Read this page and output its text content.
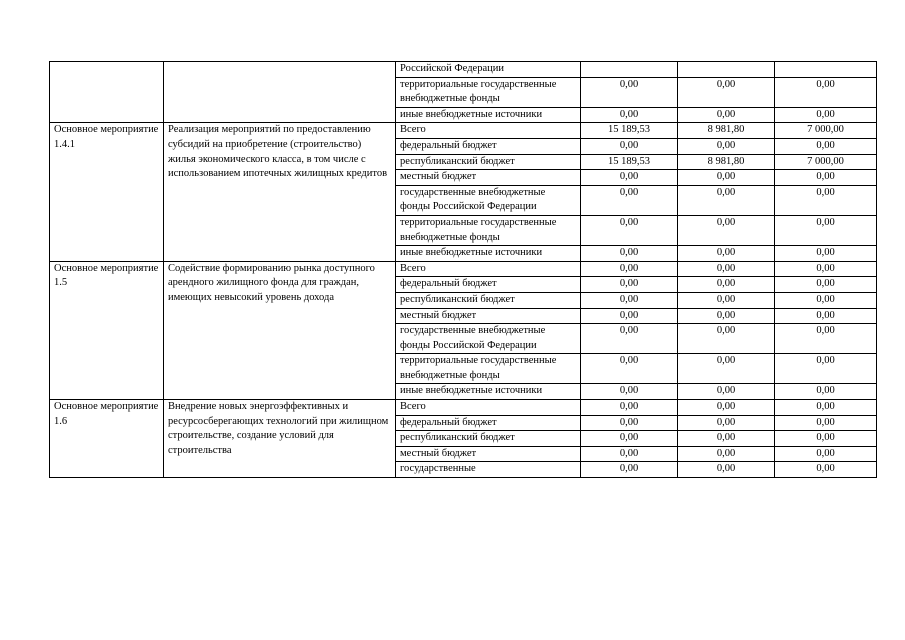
		Российской Федерации			
		территориальные государственные внебюджетные фонды	0,00	0,00	0,00
		иные внебюджетные источники	0,00	0,00	0,00
Основное мероприятие 1.4.1	Реализация мероприятий по предоставлению субсидий на приобретение (строительство) жилья экономического класса, в том числе с использованием ипотечных жилищных кредитов	Всего	15 189,53	8 981,80	7 000,00
		федеральный бюджет	0,00	0,00	0,00
		республиканский бюджет	15 189,53	8 981,80	7 000,00
		местный бюджет	0,00	0,00	0,00
		государственные внебюджетные фонды Российской Федерации	0,00	0,00	0,00
		территориальные государственные внебюджетные фонды	0,00	0,00	0,00
		иные внебюджетные источники	0,00	0,00	0,00
Основное мероприятие 1.5	Содействие формированию рынка доступного арендного жилищного фонда для граждан, имеющих невысокий уровень дохода	Всего	0,00	0,00	0,00
		федеральный бюджет	0,00	0,00	0,00
		республиканский бюджет	0,00	0,00	0,00
		местный бюджет	0,00	0,00	0,00
		государственные внебюджетные фонды Российской Федерации	0,00	0,00	0,00
		территориальные государственные внебюджетные фонды	0,00	0,00	0,00
		иные внебюджетные источники	0,00	0,00	0,00
Основное мероприятие 1.6	Внедрение новых энергоэффективных и ресурсосберегающих технологий при жилищном строительстве, создание условий для строительства	Всего	0,00	0,00	0,00
		федеральный бюджет	0,00	0,00	0,00
		республиканский бюджет	0,00	0,00	0,00
		местный бюджет	0,00	0,00	0,00
		государственные	0,00	0,00	0,00
